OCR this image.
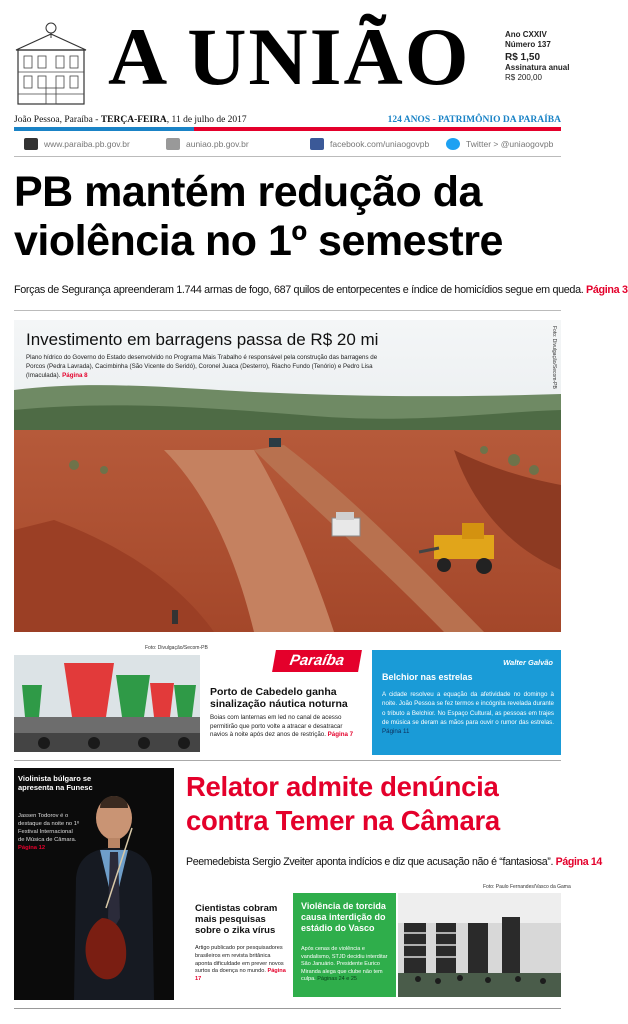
A UNIÃO	Ano CXXIV
Número 137
R$ 1,50
Assinatura anual
R$ 200,00
João Pessoa, Paraíba - TERÇA-FEIRA, 11 de julho de 2017	124 ANOS - PATRIMÔNIO DA PARAÍBA
www.paraiba.pb.gov.br	auniao.pb.gov.br	facebook.com/uniaogovpb	Twitter > @uniaogovpb
PB mantém redução da
violência no 1º semestre
Forças de Segurança apreenderam 1.744 armas de fogo, 687 quilos de entorpecentes e índice de homicídios segue em queda. Página 3
Investimento em barragens passa de R$ 20 mi
Plano hídrico do Governo do Estado desenvolvido no Programa Mais Trabalho é responsável pela construção das barragens de Porcos (Pedra Lavrada), Cacimbinha (São Vicente do Seridó), Coronel Juaca (Desterro), Riacho Fundo (Tenório) e Pedro Lisa (Imaculada). Página 8	Foto: Divulgação/Secom-PB
Foto: Divulgação/Secom-PB
Paraíba
Porto de Cabedelo ganha sinalização náutica noturna
Boias com lanternas em led no canal de acesso permitirão que porto volte a atracar e desatracar navios à noite após dez anos de restrição. Página 7
Walter Galvão
Belchior nas estrelas
A cidade resolveu a equação da afetividade no domingo à noite. João Pessoa se fez termos e incógnita revelada durante o tributo a Belchior. No Espaço Cultural, as pessoas em trajes de música se deram as mãos para ouvir o rumor das estrelas. Página 11
Violinista búlgaro se apresenta na Funesc
Jassen Todorov é o destaque da noite no 1º Festival Internacional de Música de Câmara. Página 12
Relator admite denúncia
contra Temer na Câmara
Peemedebista Sergio Zveiter aponta indícios e diz que acusação não é “fantasiosa”. Página 14
Foto: Paulo Fernandes/Vasco da Gama
Cientistas cobram mais pesquisas sobre o zika vírus
Artigo publicado por pesquisadores brasileiros em revista britânica aponta dificuldade em prever novos surtos da doença no mundo. Página 17
Violência de torcida causa interdição do estádio do Vasco
Após cenas de violência e vandalismo, STJD decidiu interditar São Januário. Presidente Eurico Miranda alega que clube não tem culpa. Páginas 24 e 25
